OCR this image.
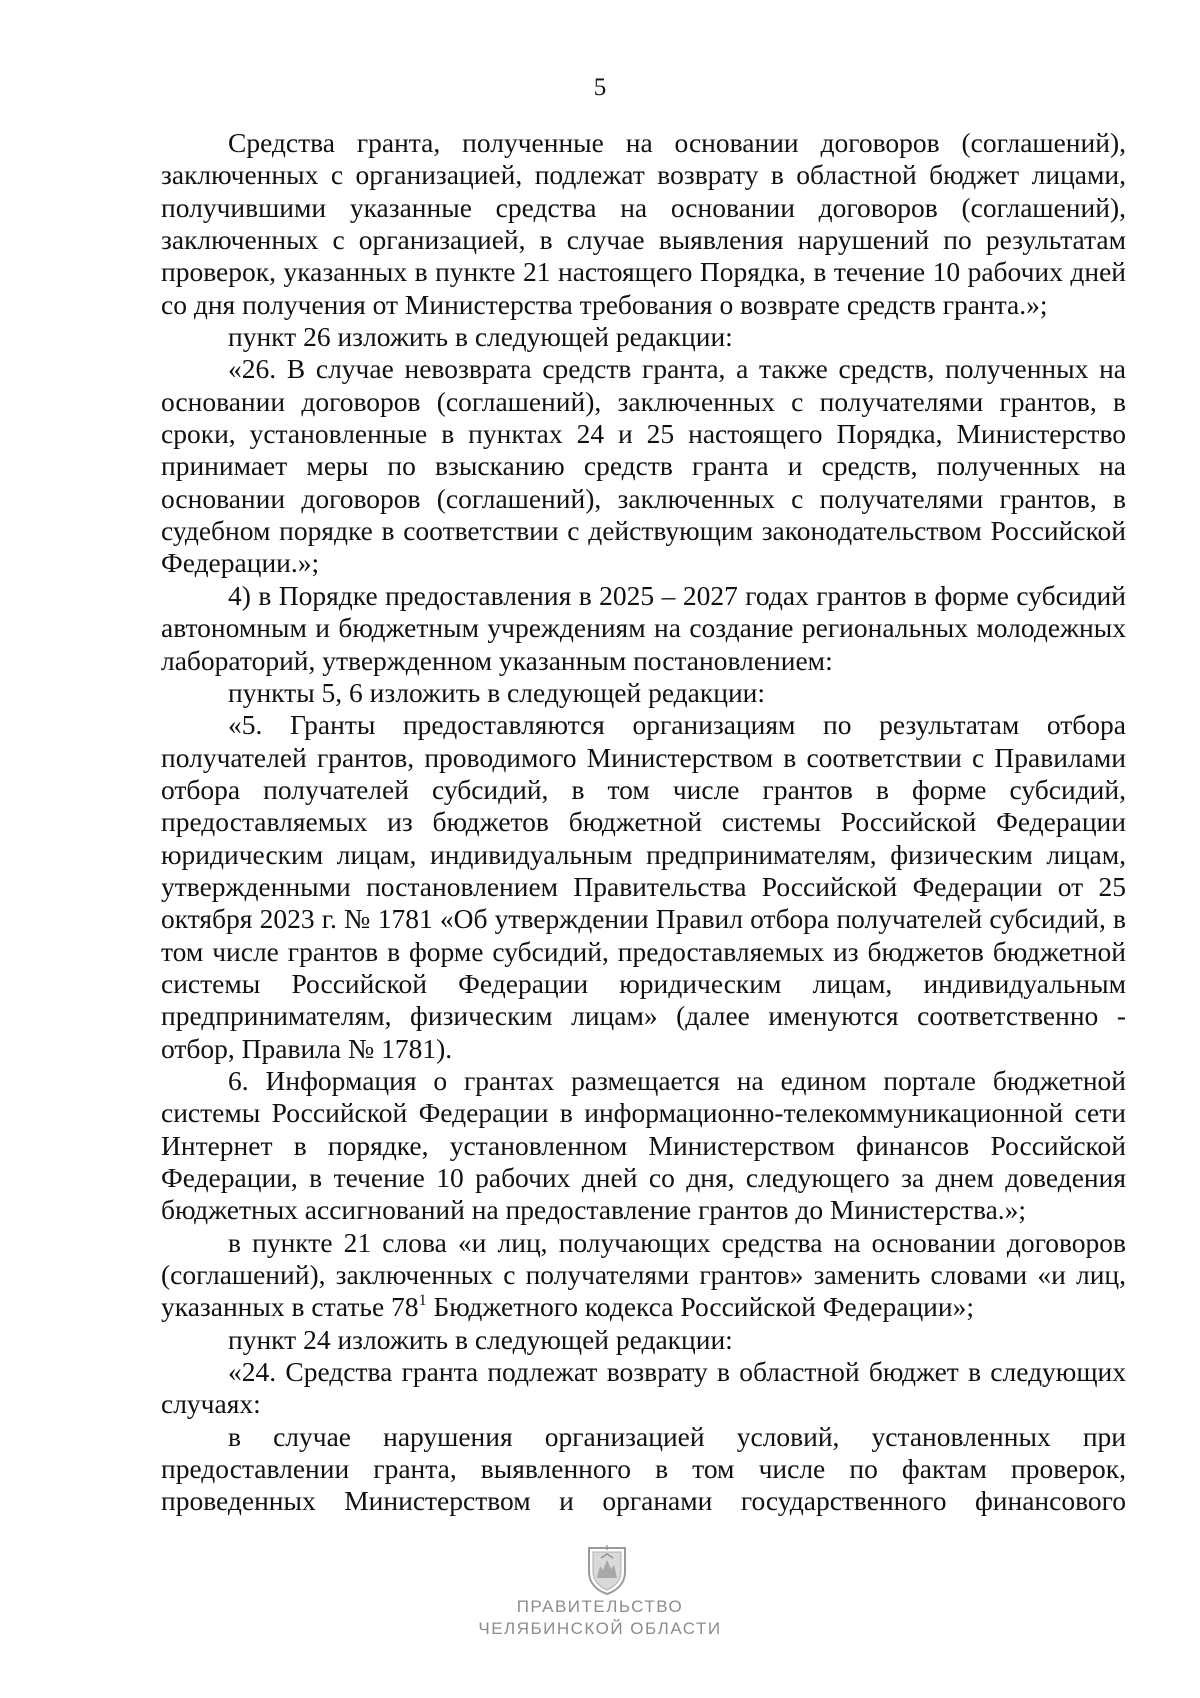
5

Средства гранта, полученные на основании договоров (соглашений), заключенных с организацией, подлежат возврату в областной бюджет лицами, получившими указанные средства на основании договоров (соглашений), заключенных с организацией, в случае выявления нарушений по результатам проверок, указанных в пункте 21 настоящего Порядка, в течение 10 рабочих дней со дня получения от Министерства требования о возврате средств гранта.»;

пункт 26 изложить в следующей редакции:

«26. В случае невозврата средств гранта, а также средств, полученных на основании договоров (соглашений), заключенных с получателями грантов, в сроки, установленные в пунктах 24 и 25 настоящего Порядка, Министерство принимает меры по взысканию средств гранта и средств, полученных на основании договоров (соглашений), заключенных с получателями грантов, в судебном порядке в соответствии с действующим законодательством Российской Федерации.»;

4) в Порядке предоставления в 2025 – 2027 годах грантов в форме субсидий автономным и бюджетным учреждениям на создание региональных молодежных лабораторий, утвержденном указанным постановлением:

пункты 5, 6 изложить в следующей редакции:

«5. Гранты предоставляются организациям по результатам отбора получателей грантов, проводимого Министерством в соответствии с Правилами отбора получателей субсидий, в том числе грантов в форме субсидий, предоставляемых из бюджетов бюджетной системы Российской Федерации юридическим лицам, индивидуальным предпринимателям, физическим лицам, утвержденными постановлением Правительства Российской Федерации от 25 октября 2023 г. № 1781 «Об утверждении Правил отбора получателей субсидий, в том числе грантов в форме субсидий, предоставляемых из бюджетов бюджетной системы Российской Федерации юридическим лицам, индивидуальным предпринимателям, физическим лицам» (далее именуются соответственно - отбор, Правила № 1781).

6. Информация о грантах размещается на едином портале бюджетной системы Российской Федерации в информационно-телекоммуникационной сети Интернет в порядке, установленном Министерством финансов Российской Федерации, в течение 10 рабочих дней со дня, следующего за днем доведения бюджетных ассигнований на предоставление грантов до Министерства.»;

в пункте 21 слова «и лиц, получающих средства на основании договоров (соглашений), заключенных с получателями грантов» заменить словами «и лиц, указанных в статье 78$^1$ Бюджетного кодекса Российской Федерации»;

пункт 24 изложить в следующей редакции:

«24. Средства гранта подлежат возврату в областной бюджет в следующих случаях:

в случае нарушения организацией условий, установленных при предоставлении гранта, выявленного в том числе по фактам проверок, проведенных Министерством и органами государственного финансового

ПРАВИТЕЛЬСТВО
ЧЕЛЯБИНСКОЙ ОБЛАСТИ
